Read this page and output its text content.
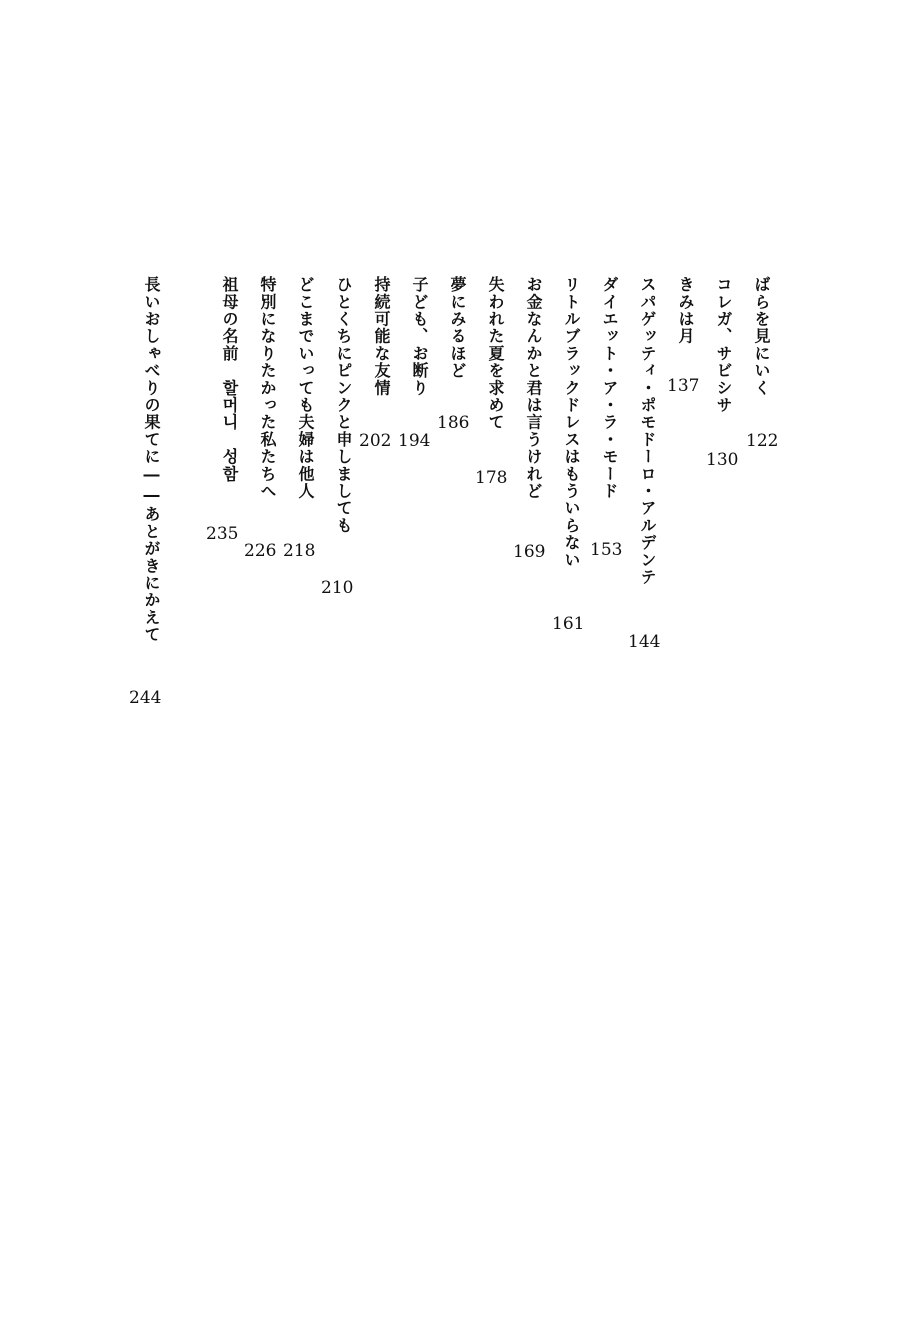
ばらを見にいく
122
コレガ、サビシサ
130
きみは月
137
スパゲッティ・ポモドーロ・アルデンテ
144
ダイエット・ア・ラ・モード
153
リトルブラックドレスはもういらない
161
お金なんかと君は言うけれど
169
失われた夏を求めて
178
夢にみるほど
186
子ども、お断り
194
持続可能な友情
202
ひとくちにピンクと申しましても
210
どこまでいっても夫婦は他人
218
特別になりたかった私たちへ
226
祖母の名前　할머니　성함
235
長いおしゃべりの果てに――あとがきにかえて
244
